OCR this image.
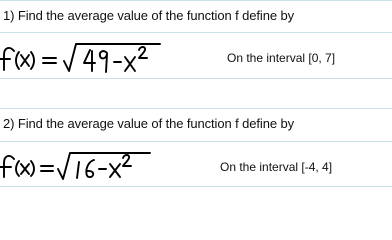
1) Find the average value of the function f define by
On the interval [0, 7]
2) Find the average value of the function f define by
On the interval [-4, 4]
